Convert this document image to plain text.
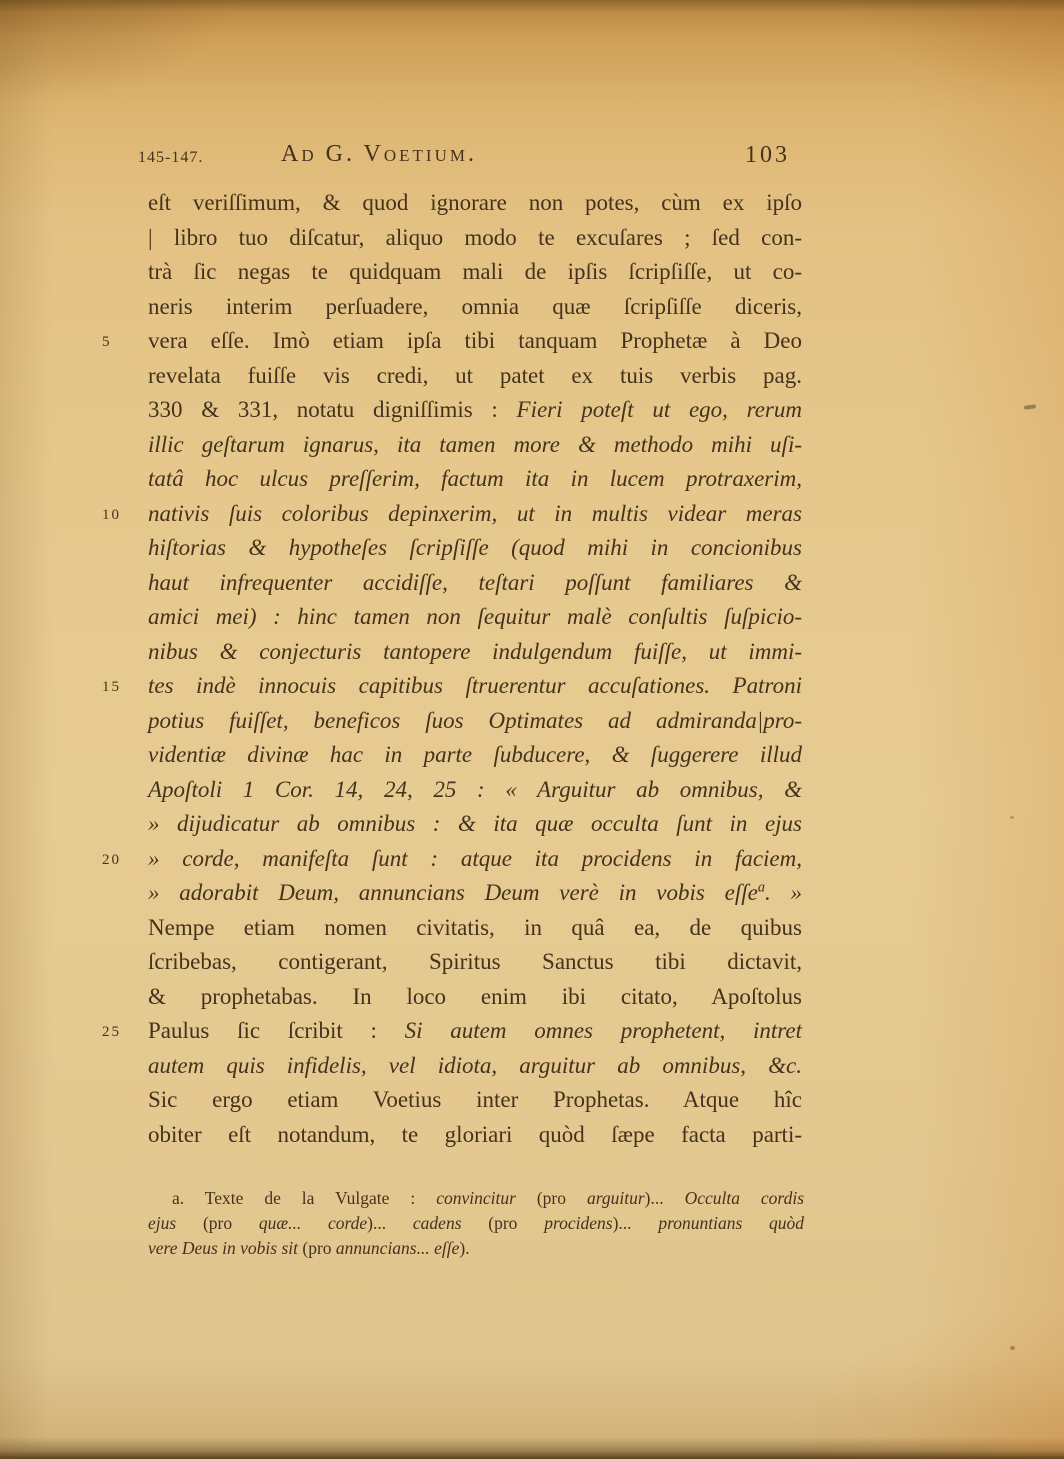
145-147.	Ad G. Voetium.	103
eſt veriſſimum, & quod ignorare non potes, cùm ex ipſo
| libro tuo diſcatur, aliquo modo te excuſares ; ſed con-
trà ſic negas te quidquam mali de ipſis ſcripſiſſe, ut co-
neris interim perſuadere, omnia quæ ſcripſiſſe diceris,
5	vera eſſe. Imò etiam ipſa tibi tanquam Prophetæ à Deo
revelata fuiſſe vis credi, ut patet ex tuis verbis pag.
330 & 331, notatu digniſſimis : Fieri poteſt ut ego, rerum
illic geſtarum ignarus, ita tamen more & methodo mihi uſi-
tatâ hoc ulcus preſſerim, factum ita in lucem protraxerim,
10	nativis ſuis coloribus depinxerim, ut in multis videar meras
hiſtorias & hypotheſes ſcripſiſſe (quod mihi in concionibus
haut infrequenter accidiſſe, teſtari poſſunt familiares &
amici mei) : hinc tamen non ſequitur malè conſultis ſuſpicio-
nibus & conjecturis tantopere indulgendum fuiſſe, ut immi-
15	tes indè innocuis capitibus ſtruerentur accuſationes. Patroni
potius fuiſſet, beneficos ſuos Optimates ad admiranda|pro-
videntiæ divinæ hac in parte ſubducere, & ſuggerere illud
Apoſtoli 1 Cor. 14, 24, 25 : « Arguitur ab omnibus, &
» dijudicatur ab omnibus : & ita quæ occulta ſunt in ejus
20	» corde, manifeſta ſunt : atque ita procidens in faciem,
» adorabit Deum, annuncians Deum verè in vobis eſſe$^a$. »
Nempe etiam nomen civitatis, in quâ ea, de quibus
ſcribebas, contigerant, Spiritus Sanctus tibi dictavit,
& prophetabas. In loco enim ibi citato, Apoſtolus
25	Paulus ſic ſcribit : Si autem omnes prophetent, intret
autem quis infidelis, vel idiota, arguitur ab omnibus, &c.
Sic ergo etiam Voetius inter Prophetas. Atque hîc
obiter eſt notandum, te gloriari quòd ſæpe facta parti-
a. Texte de la Vulgate : convincitur (pro arguitur)... Occulta cordis
ejus (pro quæ... corde)... cadens (pro procidens)... pronuntians quòd
vere Deus in vobis sit (pro annuncians... eſſe).
